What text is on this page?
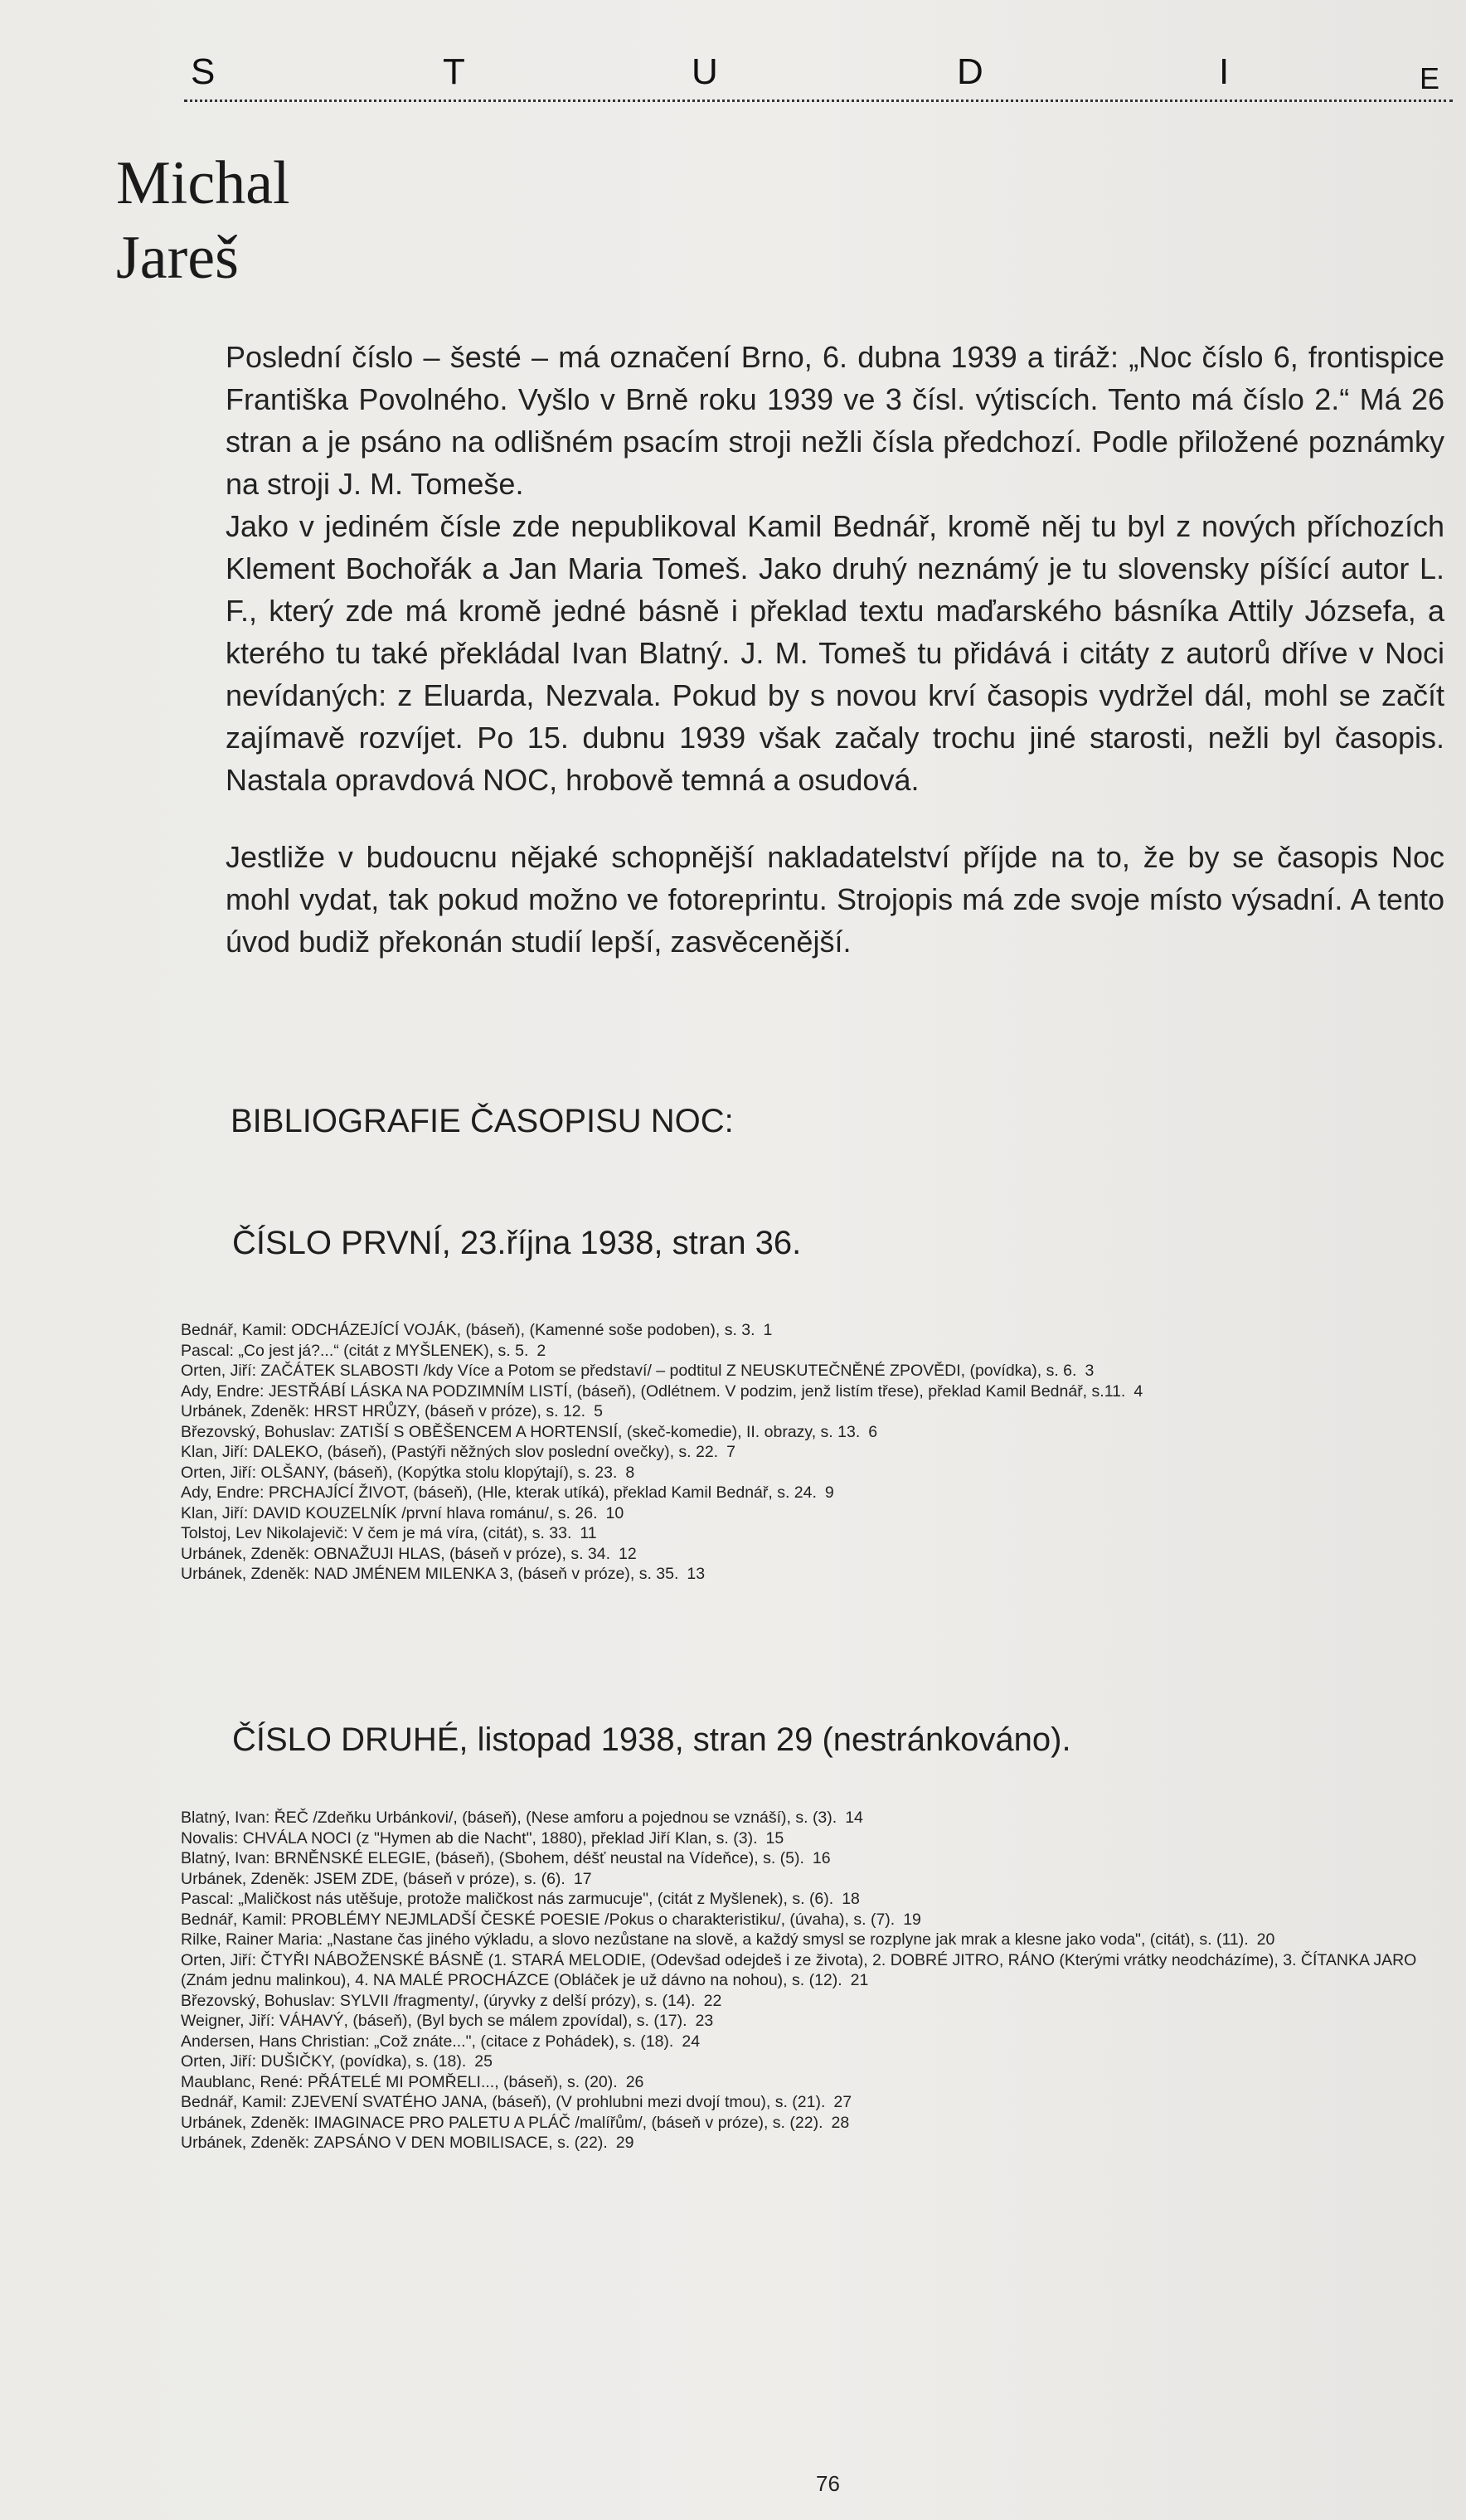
S	T	U	D	I	E
Michal
Jareš

Poslední číslo – šesté – má označení Brno, 6. dubna 1939 a tiráž: „Noc číslo 6, frontispice Františka Povolného. Vyšlo v Brně roku 1939 ve 3 čísl. výtiscích. Tento má číslo 2.“ Má 26 stran a je psáno na odlišném psacím stroji nežli čísla předchozí. Podle přiložené poznámky na stroji J. M. Tomeše.

Jako v jediném čísle zde nepublikoval Kamil Bednář, kromě něj tu byl z nových příchozích Klement Bochořák a Jan Maria Tomeš. Jako druhý neznámý je tu slovensky píšící autor L. F., který zde má kromě jedné básně i překlad textu maďarského básníka Attily Józsefa, a kterého tu také překládal Ivan Blatný. J. M. Tomeš tu přidává i citáty z autorů dříve v Noci nevídaných: z Eluarda, Nezvala. Pokud by s novou krví časopis vydržel dál, mohl se začít zajímavě rozvíjet. Po 15. dubnu 1939 však začaly trochu jiné starosti, nežli byl časopis. Nastala opravdová NOC, hrobově temná a osudová.

Jestliže v budoucnu nějaké schopnější nakladatelství příjde na to, že by se časopis Noc mohl vydat, tak pokud možno ve fotoreprintu. Strojopis má zde svoje místo výsadní. A tento úvod budiž překonán studií lepší, zasvěcenější.

BIBLIOGRAFIE ČASOPISU NOC:
ČÍSLO PRVNÍ, 23.října 1938, stran 36.
Bednář, Kamil: ODCHÁZEJÍCÍ VOJÁK, (báseň), (Kamenné soše podoben), s. 3. 1
Pascal: „Co jest já?...“ (citát z MYŠLENEK), s. 5. 2
Orten, Jiří: ZAČÁTEK SLABOSTI /kdy Více a Potom se představí/ – podtitul Z NEUSKUTEČNĚNÉ ZPOVĚDI, (povídka), s. 6. 3
Ady, Endre: JESTŘÁBÍ LÁSKA NA PODZIMNÍM LISTÍ, (báseň), (Odlétnem. V podzim, jenž listím třese), překlad Kamil Bednář, s.11. 4
Urbánek, Zdeněk: HRST HRŮZY, (báseň v próze), s. 12. 5
Březovský, Bohuslav: ZATIŠÍ S OBĚŠENCEM A HORTENSIÍ, (skeč-komedie), II. obrazy, s. 13. 6
Klan, Jiří: DALEKO, (báseň), (Pastýři něžných slov poslední ovečky), s. 22. 7
Orten, Jiří: OLŠANY, (báseň), (Kopýtka stolu klopýtají), s. 23. 8
Ady, Endre: PRCHAJÍCÍ ŽIVOT, (báseň), (Hle, kterak utíká), překlad Kamil Bednář, s. 24. 9
Klan, Jiří: DAVID KOUZELNÍK /první hlava románu/, s. 26. 10
Tolstoj, Lev Nikolajevič: V čem je má víra, (citát), s. 33. 11
Urbánek, Zdeněk: OBNAŽUJI HLAS, (báseň v próze), s. 34. 12
Urbánek, Zdeněk: NAD JMÉNEM MILENKA 3, (báseň v próze), s. 35. 13
ČÍSLO DRUHÉ, listopad 1938, stran 29 (nestránkováno).
Blatný, Ivan: ŘEČ /Zdeňku Urbánkovi/, (báseň), (Nese amforu a pojednou se vznáší), s. (3). 14
Novalis: CHVÁLA NOCI (z "Hymen ab die Nacht", 1880), překlad Jiří Klan, s. (3). 15
Blatný, Ivan: BRNĚNSKÉ ELEGIE, (báseň), (Sbohem, déšť neustal na Vídeňce), s. (5). 16
Urbánek, Zdeněk: JSEM ZDE, (báseň v próze), s. (6). 17
Pascal: „Maličkost nás utěšuje, protože maličkost nás zarmucuje", (citát z Myšlenek), s. (6). 18
Bednář, Kamil: PROBLÉMY NEJMLADŠÍ ČESKÉ POESIE /Pokus o charakteristiku/, (úvaha), s. (7). 19
Rilke, Rainer Maria: „Nastane čas jiného výkladu, a slovo nezůstane na slově, a každý smysl se rozplyne jak mrak a klesne jako voda", (citát), s. (11). 20
Orten, Jiří: ČTYŘI NÁBOŽENSKÉ BÁSNĚ (1. STARÁ MELODIE, (Odevšad odejdeš i ze života), 2. DOBRÉ JITRO, RÁNO (Kterými vrátky neodcházíme), 3. ČÍTANKA JARO (Znám jednu malinkou), 4. NA MALÉ PROCHÁZCE (Obláček je už dávno na nohou), s. (12). 21
Březovský, Bohuslav: SYLVII /fragmenty/, (úryvky z delší prózy), s. (14). 22
Weigner, Jiří: VÁHAVÝ, (báseň), (Byl bych se málem zpovídal), s. (17). 23
Andersen, Hans Christian: „Což znáte...", (citace z Pohádek), s. (18). 24
Orten, Jiří: DUŠIČKY, (povídka), s. (18). 25
Maublanc, René: PŘÁTELÉ MI POMŘELI..., (báseň), s. (20). 26
Bednář, Kamil: ZJEVENÍ SVATÉHO JANA, (báseň), (V prohlubni mezi dvojí tmou), s. (21). 27
Urbánek, Zdeněk: IMAGINACE PRO PALETU A PLÁČ /malířům/, (báseň v próze), s. (22). 28
Urbánek, Zdeněk: ZAPSÁNO V DEN MOBILISACE, s. (22). 29
76
